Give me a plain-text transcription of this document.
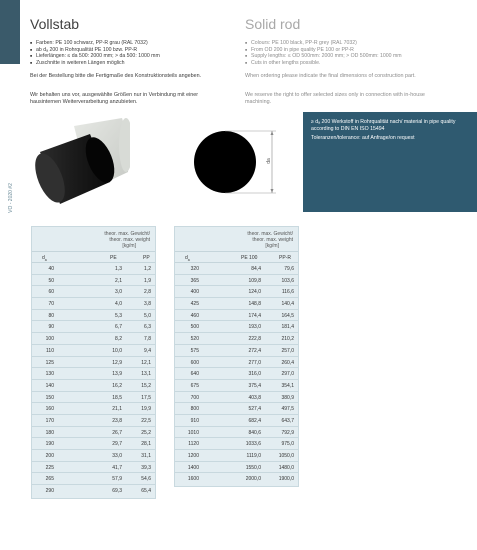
VO - 2020 #2
Vollstab	Solid rod
■ Farben: PE 100 schwarz, PP-R grau (RAL 7032)
■ ab dₐ 200 in Rohrqualität PE 100 bzw. PP-R
■ Lieferlängen: ≤ da 500: 2000 mm; > da 500: 1000 mm
■ Zuschnitte in weiteren Längen möglich
■ Colours: PE 100 black, PP-R grey (RAL 7032)
■ From OD 200 in pipe quality PE 100 or PP-R
■ Supply lengths: ≤ OD 500mm: 2000 mm; > OD 500mm: 1000 mm
■ Cuts in other lengths possible.

Bei der Bestellung bitte die Fertigmaße des Konstruktionsteils angeben.

Wir behalten uns vor, ausgewählte Größen nur in Verbindung mit einer hausinternen Weiterverarbeitung anzubieten.

When ordering please indicate the final dimensions of construction part.

We reserve the right to offer selected sizes only in connection with in-house machining.

da
≥ dₐ 200 Werkstoff in Rohrqualität nach/ material in pipe quality according to DIN EN ISO 15494
Toleranzen/tolerance: auf Anfrage/on request
theor. max. Gewicht/
theor. max. weight
[kg/m]
$d_a$	PE	PP
40	1,3	1,2
50	2,1	1,9
60	3,0	2,8
70	4,0	3,8
80	5,3	5,0
90	6,7	6,3
100	8,2	7,8
110	10,0	9,4
125	12,9	12,1
130	13,9	13,1
140	16,2	15,2
150	18,5	17,5
160	21,1	19,9
170	23,8	22,5
180	26,7	25,2
190	29,7	28,1
200	33,0	31,1
225	41,7	39,3
265	57,9	54,6
290	69,3	65,4
theor. max. Gewicht/
theor. max. weight
[kg/m]
$d_a$	PE 100	PP-R
320	84,4	79,6
365	109,8	103,6
400	124,0	116,6
425	148,8	140,4
460	174,4	164,5
500	193,0	181,4
520	222,8	210,2
575	272,4	257,0
600	277,0	260,4
640	316,0	297,0
675	375,4	354,1
700	403,8	380,9
800	527,4	497,5
910	682,4	643,7
1010	840,6	792,9
1120	1033,6	975,0
1200	1119,0	1050,0
1400	1550,0	1480,0
1600	2000,0	1900,0
